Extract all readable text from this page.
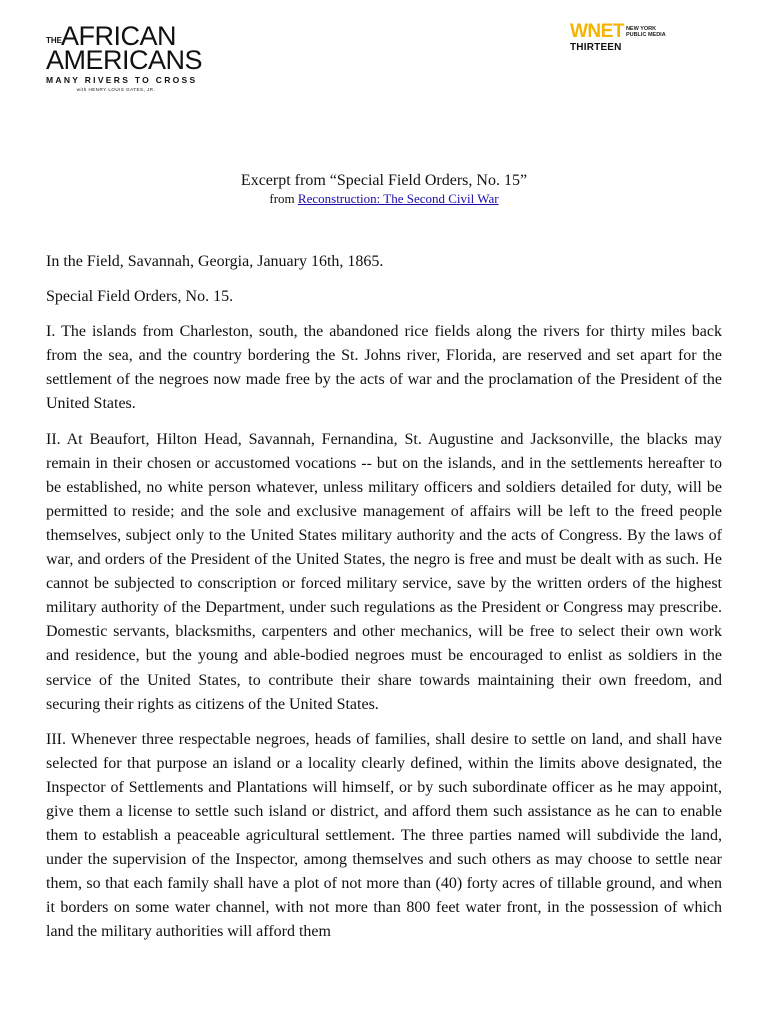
THE AFRICAN
AMERICANS
MANY RIVERS TO CROSS
with HENRY LOUIS GATES, JR.
WNET NEW YORK
PUBLIC MEDIA
THIRTEEN
Excerpt from “Special Field Orders, No. 15”
from Reconstruction: The Second Civil War

In the Field, Savannah, Georgia, January 16th, 1865.

Special Field Orders, No. 15.

I. The islands from Charleston, south, the abandoned rice fields along the rivers for thirty miles back from the sea, and the country bordering the St. Johns river, Florida, are reserved and set apart for the settlement of the negroes now made free by the acts of war and the proclamation of the President of the United States.

II. At Beaufort, Hilton Head, Savannah, Fernandina, St. Augustine and Jacksonville, the blacks may remain in their chosen or accustomed vocations -- but on the islands, and in the settlements hereafter to be established, no white person whatever, unless military officers and soldiers detailed for duty, will be permitted to reside; and the sole and exclusive management of affairs will be left to the freed people themselves, subject only to the United States military authority and the acts of Congress. By the laws of war, and orders of the President of the United States, the negro is free and must be dealt with as such. He cannot be subjected to conscription or forced military service, save by the written orders of the highest military authority of the Department, under such regulations as the President or Congress may prescribe. Domestic servants, blacksmiths, carpenters and other mechanics, will be free to select their own work and residence, but the young and able-bodied negroes must be encouraged to enlist as soldiers in the service of the United States, to contribute their share towards maintaining their own freedom, and securing their rights as citizens of the United States.

III. Whenever three respectable negroes, heads of families, shall desire to settle on land, and shall have selected for that purpose an island or a locality clearly defined, within the limits above designated, the Inspector of Settlements and Plantations will himself, or by such subordinate officer as he may appoint, give them a license to settle such island or district, and afford them such assistance as he can to enable them to establish a peaceable agricultural settlement. The three parties named will subdivide the land, under the supervision of the Inspector, among themselves and such others as may choose to settle near them, so that each family shall have a plot of not more than (40) forty acres of tillable ground, and when it borders on some water channel, with not more than 800 feet water front, in the possession of which land the military authorities will afford them
